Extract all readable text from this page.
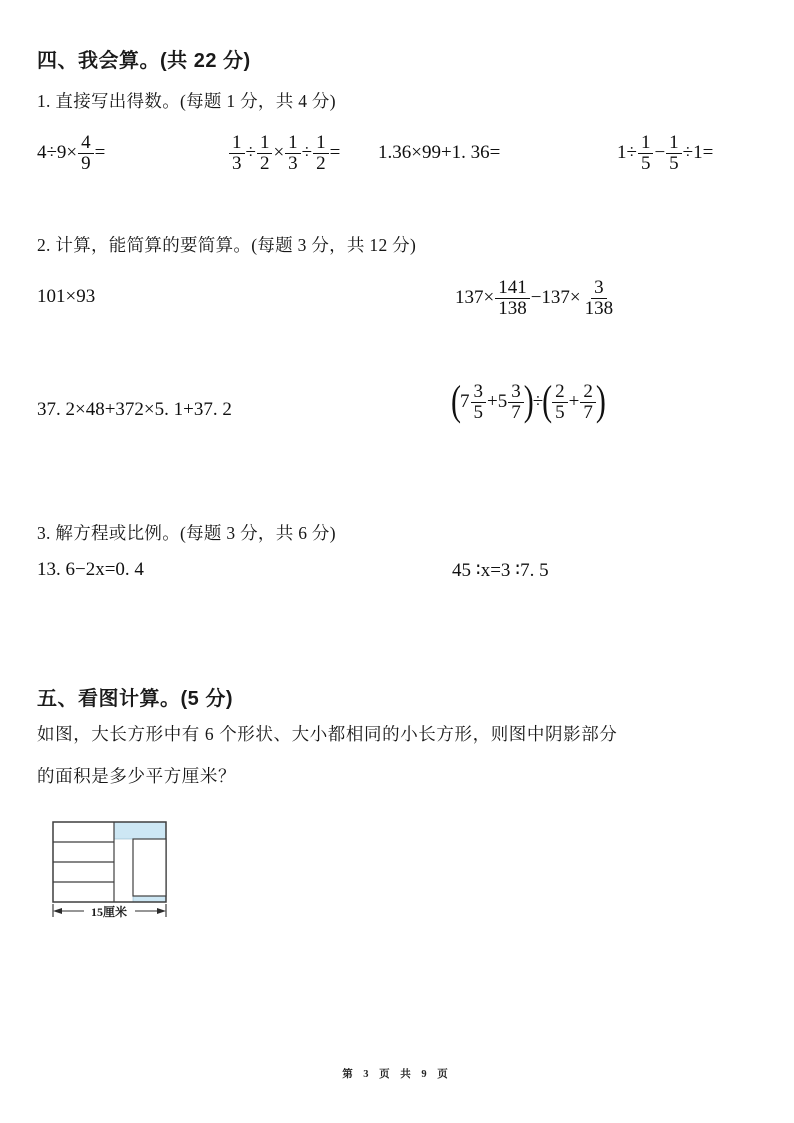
四、我会算。(共 22 分)
1. 直接写出得数。(每题 1 分，共 4 分)
$4\div 9\times \frac{4}{9}$ =	$\frac{1}{3} \div \frac{1}{2} \times \frac{1}{3} \div \frac{1}{2} = 1.36\times 99+1$. 36=	$1\div \frac{1}{5} - \frac{1}{5} \div 1=$
2. 计算，能简算的要简算。(每题 3 分，共 12 分)
101×93	$137\times \frac{141}{138} -137\times \frac{3}{138}$
37. 2×48+372×5. 1+37. 2	( $7 \frac{3}{5} +5 \frac{3}{7}$ ) ÷ ( $\frac{2}{5} + \frac{2}{7}$ )
3. 解方程或比例。(每题 3 分，共 6 分)
13. 6−2x=0. 4	45 ∶x=3 ∶7. 5
五、看图计算。(5 分)
如图，大长方形中有 6 个形状、大小都相同的小长方形，则图中阴影部分
的面积是多少平方厘米？
15厘米
第 3 页 共 9 页
